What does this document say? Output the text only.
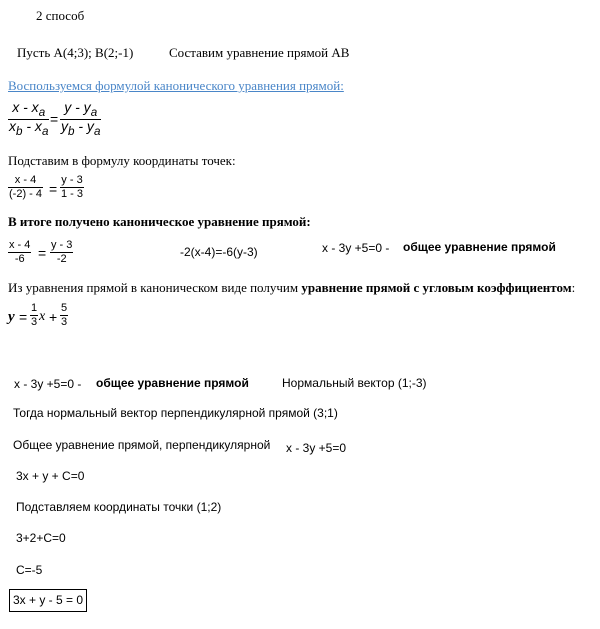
2 способ
Пусть А(4;3); В(2;-1)	Составим уравнение прямой АВ
Воспользуемся формулой канонического уравнения прямой:
$\frac{x - x_a}{x_b - x_a} = \frac{y - y_a}{y_b - y_a}$
Подставим в формулу координаты точек:
$\frac{x - 4}{(-2) - 4} = \frac{y - 3}{1 - 3}$
В итоге получено каноническое уравнение прямой:
$\frac{x - 4}{-6} = \frac{y - 3}{-2}$	-2(x-4)=-6(y-3)	x - 3y +5=0 - общее уравнение прямой
Из уравнения прямой в каноническом виде получим уравнение прямой с угловым коэффициентом:
$y = \frac{1}{3}$ $x + \frac{5}{3}$
x - 3y +5=0 - общее уравнение прямой	Нормальный вектор (1;-3)
Тогда нормальный вектор перпендикулярной прямой (3;1)
Общее уравнение прямой, перпендикулярной x - 3y +5=0
3x + y + C=0
Подставляем координаты точки (1;2)
3+2+C=0
C=-5
3x + y - 5 = 0
